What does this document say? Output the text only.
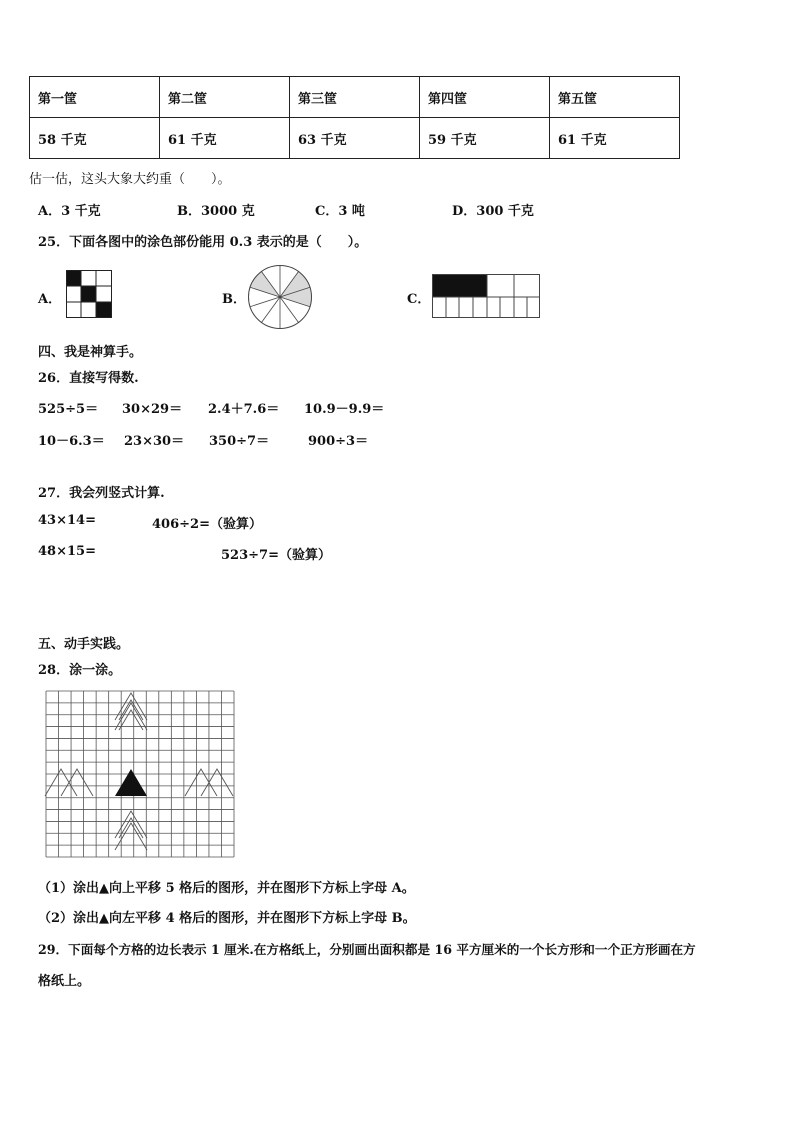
第一筐	第二筐	第三筐	第四筐	第五筐
58 千克	61 千克	63 千克	59 千克	61 千克
估一估，这头大象大约重（　　）。
A．3 千克	B．3000 克	C．3 吨	D．300 千克
25．下面各图中的涂色部份能用 0.3 表示的是（　　）。
A．	B．	C．
四、我是神算手。
26．直接写得数.
525÷5＝ 30×29＝ 2.4＋7.6＝ 10.9－9.9＝
10－6.3＝ 23×30＝ 350÷7＝	900÷3＝
27．我会列竖式计算.
43×14=	406÷2=（验算）
48×15=	523÷7=（验算）
五、动手实践。
28．涂一涂。
（1）涂出▲向上平移 5 格后的图形，并在图形下方标上字母 A。
（2）涂出▲向左平移 4 格后的图形，并在图形下方标上字母 B。
29．下面每个方格的边长表示 1 厘米.在方格纸上，分别画出面积都是 16 平方厘米的一个长方形和一个正方形画在方
格纸上。
